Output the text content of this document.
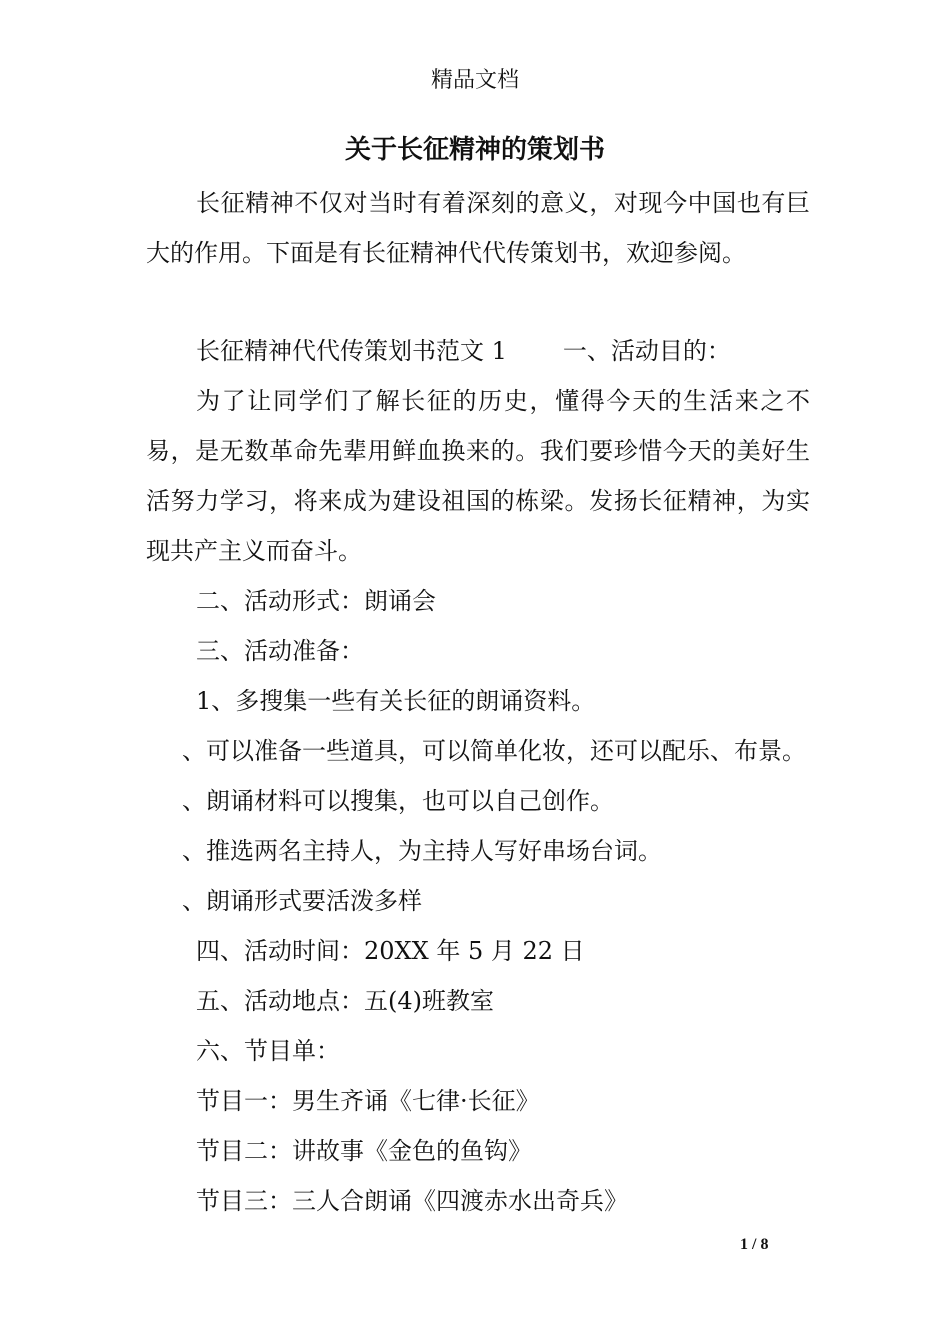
精品文档
关于长征精神的策划书

长征精神不仅对当时有着深刻的意义，对现今中国也有巨大的作用。下面是有长征精神代代传策划书，欢迎参阅。

长征精神代代传策划书范文 1 一、活动目的：

为了让同学们了解长征的历史，懂得今天的生活来之不易，是无数革命先辈用鲜血换来的。我们要珍惜今天的美好生活努力学习，将来成为建设祖国的栋梁。发扬长征精神，为实现共产主义而奋斗。

二、活动形式：朗诵会

三、活动准备：

1、多搜集一些有关长征的朗诵资料。

、可以准备一些道具，可以简单化妆，还可以配乐、布景。

、朗诵材料可以搜集，也可以自己创作。

、推选两名主持人，为主持人写好串场台词。

、朗诵形式要活泼多样

四、活动时间：20XX 年 5 月 22 日

五、活动地点：五(4)班教室

六、节目单：

节目一：男生齐诵《七律·长征》

节目二：讲故事《金色的鱼钩》

节目三：三人合朗诵《四渡赤水出奇兵》

1 / 8
